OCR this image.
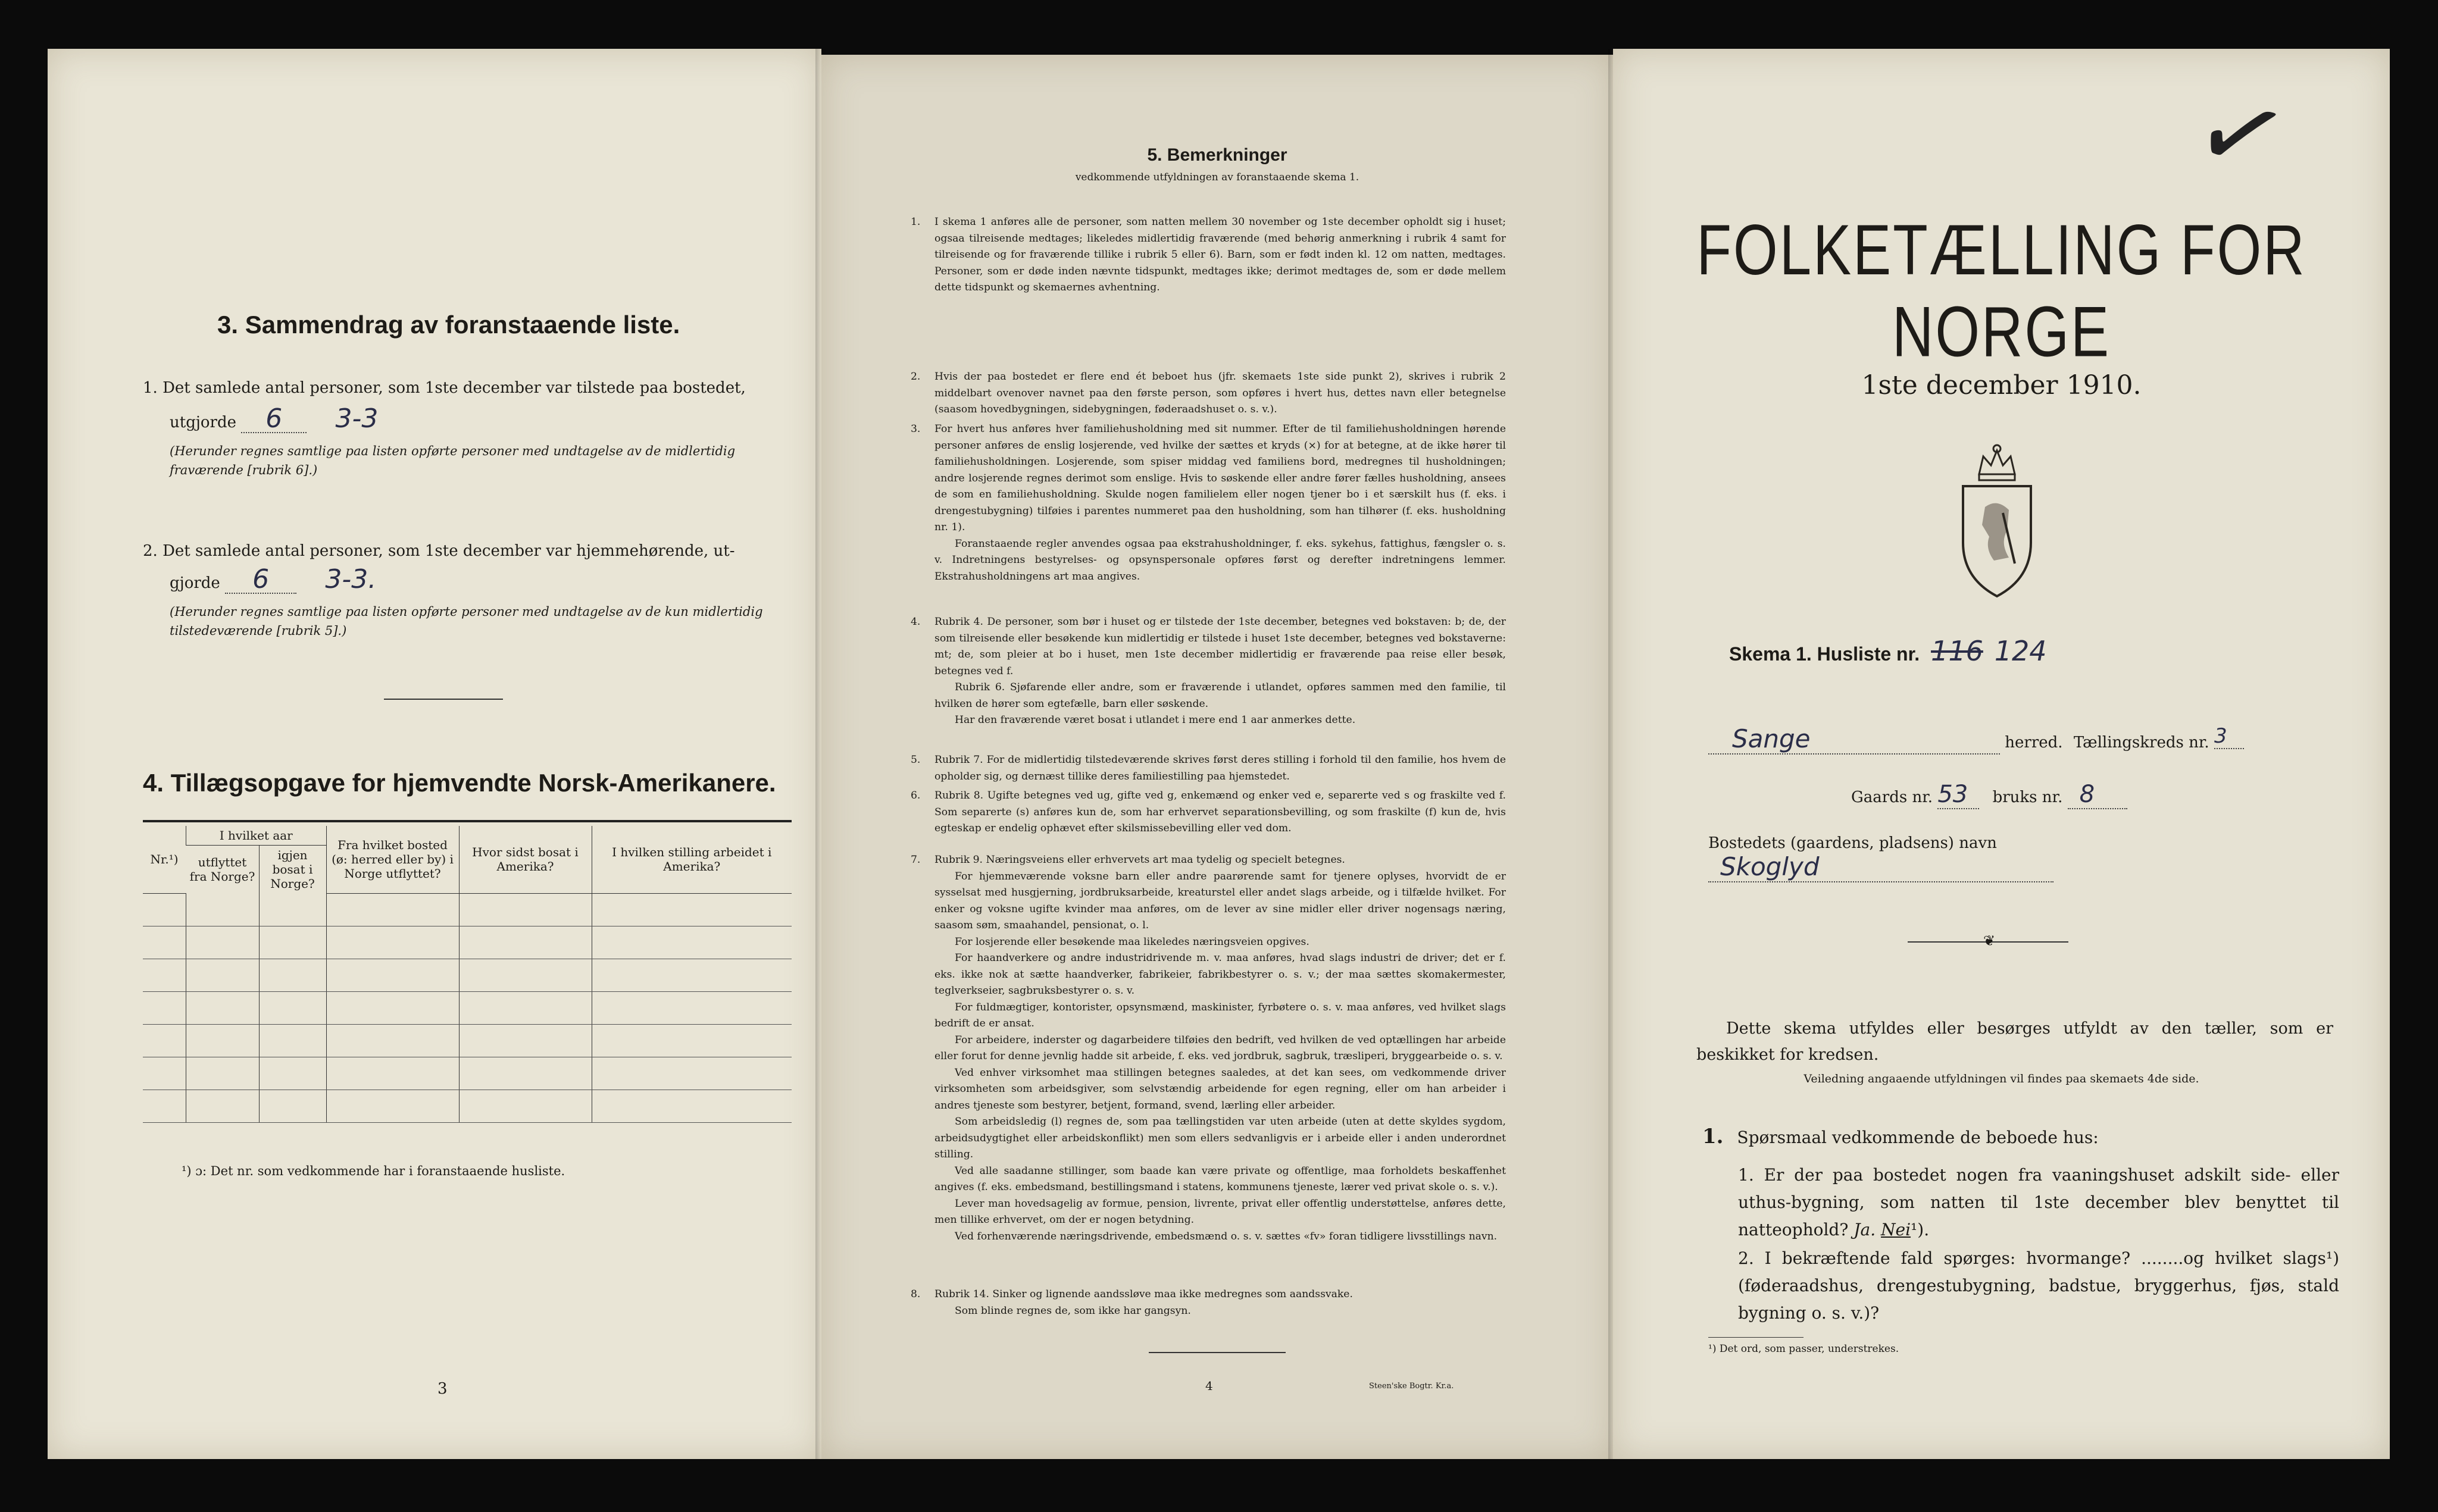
3. Sammendrag av foranstaaende liste.
1. Det samlede antal personer, som 1ste december var tilstede paa bostedet,
utgjorde 6 3-3
(Herunder regnes samtlige paa listen opførte personer med undtagelse av de midlertidig fraværende [rubrik 6].)
2. Det samlede antal personer, som 1ste december var hjemmehørende, ut-
gjorde 6 3-3.
(Herunder regnes samtlige paa listen opførte personer med undtagelse av de kun midlertidig tilstedeværende [rubrik 5].)
4. Tillægsopgave for hjemvendte Norsk-Amerikanere.
Nr.¹)	I hvilket aar		Fra hvilket bosted (ø: herred eller by) i Norge utflyttet?	Hvor sidst bosat i Amerika?	I hvilken stilling arbeidet i Amerika?
	utflyttet fra Norge?	igjen bosat i Norge?			

¹) ɔ: Det nr. som vedkommende har i foranstaaende husliste.
3
5. Bemerkninger
vedkommende utfyldningen av foranstaaende skema 1.
1. I skema 1 anføres alle de personer, som natten mellem 30 november og 1ste december opholdt sig i huset; ogsaa tilreisende medtages; likeledes midlertidig fraværende (med behørig anmerkning i rubrik 4 samt for tilreisende og for fraværende tillike i rubrik 5 eller 6). Barn, som er født inden kl. 12 om natten, medtages. Personer, som er døde inden nævnte tidspunkt, medtages ikke; derimot medtages de, som er døde mellem dette tidspunkt og skemaernes avhentning.

2. Hvis der paa bostedet er flere end ét beboet hus (jfr. skemaets 1ste side punkt 2), skrives i rubrik 2 middelbart ovenover navnet paa den første person, som opføres i hvert hus, dettes navn eller betegnelse (saasom hovedbygningen, sidebygningen, føderaadshuset o. s. v.).

3. For hvert hus anføres hver familiehusholdning med sit nummer. Efter de til familiehusholdningen hørende personer anføres de enslig losjerende, ved hvilke der sættes et kryds (×) for at betegne, at de ikke hører til familiehusholdningen. Losjerende, som spiser middag ved familiens bord, medregnes til husholdningen; andre losjerende regnes derimot som enslige. Hvis to søskende eller andre fører fælles husholdning, ansees de som en familiehusholdning. Skulde nogen familielem eller nogen tjener bo i et særskilt hus (f. eks. i drengestubygning) tilføies i parentes nummeret paa den husholdning, som han tilhører (f. eks. husholdning nr. 1).

Foranstaaende regler anvendes ogsaa paa ekstrahusholdninger, f. eks. sykehus, fattighus, fængsler o. s. v. Indretningens bestyrelses- og opsynspersonale opføres først og derefter indretningens lemmer. Ekstrahusholdningens art maa angives.

4. Rubrik 4. De personer, som bør i huset og er tilstede der 1ste december, betegnes ved bokstaven: b; de, der som tilreisende eller besøkende kun midlertidig er tilstede i huset 1ste december, betegnes ved bokstaverne: mt; de, som pleier at bo i huset, men 1ste december midlertidig er fraværende paa reise eller besøk, betegnes ved f.

Rubrik 6. Sjøfarende eller andre, som er fraværende i utlandet, opføres sammen med den familie, til hvilken de hører som egtefælle, barn eller søskende.

Har den fraværende været bosat i utlandet i mere end 1 aar anmerkes dette.

5. Rubrik 7. For de midlertidig tilstedeværende skrives først deres stilling i forhold til den familie, hos hvem de opholder sig, og dernæst tillike deres familiestilling paa hjemstedet.

6. Rubrik 8. Ugifte betegnes ved ug, gifte ved g, enkemænd og enker ved e, separerte ved s og fraskilte ved f. Som separerte (s) anføres kun de, som har erhvervet separationsbevilling, og som fraskilte (f) kun de, hvis egteskap er endelig ophævet efter skilsmissebevilling eller ved dom.

7. Rubrik 9. Næringsveiens eller erhvervets art maa tydelig og specielt betegnes.

For hjemmeværende voksne barn eller andre paarørende samt for tjenere oplyses, hvorvidt de er sysselsat med husgjerning, jordbruksarbeide, kreaturstel eller andet slags arbeide, og i tilfælde hvilket. For enker og voksne ugifte kvinder maa anføres, om de lever av sine midler eller driver nogensags næring, saasom søm, smaahandel, pensionat, o. l.

For losjerende eller besøkende maa likeledes næringsveien opgives.

For haandverkere og andre industridrivende m. v. maa anføres, hvad slags industri de driver; det er f. eks. ikke nok at sætte haandverker, fabrikeier, fabrikbestyrer o. s. v.; der maa sættes skomakermester, teglverkseier, sagbruksbestyrer o. s. v.

For fuldmægtiger, kontorister, opsynsmænd, maskinister, fyrbøtere o. s. v. maa anføres, ved hvilket slags bedrift de er ansat.

For arbeidere, inderster og dagarbeidere tilføies den bedrift, ved hvilken de ved optællingen har arbeide eller forut for denne jevnlig hadde sit arbeide, f. eks. ved jordbruk, sagbruk, træsliperi, bryggearbeide o. s. v.

Ved enhver virksomhet maa stillingen betegnes saaledes, at det kan sees, om vedkommende driver virksomheten som arbeidsgiver, som selvstændig arbeidende for egen regning, eller om han arbeider i andres tjeneste som bestyrer, betjent, formand, svend, lærling eller arbeider.

Som arbeidsledig (l) regnes de, som paa tællingstiden var uten arbeide (uten at dette skyldes sygdom, arbeidsudygtighet eller arbeidskonflikt) men som ellers sedvanligvis er i arbeide eller i anden underordnet stilling.

Ved alle saadanne stillinger, som baade kan være private og offentlige, maa forholdets beskaffenhet angives (f. eks. embedsmand, bestillingsmand i statens, kommunens tjeneste, lærer ved privat skole o. s. v.).

Lever man hovedsagelig av formue, pension, livrente, privat eller offentlig understøttelse, anføres dette, men tillike erhvervet, om der er nogen betydning.

Ved forhenværende næringsdrivende, embedsmænd o. s. v. sættes «fv» foran tidligere livsstillings navn.

8. Rubrik 14. Sinker og lignende aandssløve maa ikke medregnes som aandssvake.

Som blinde regnes de, som ikke har gangsyn.

4	Steen'ske Bogtr. Kr.a.
✓
FOLKETÆLLING FOR NORGE
1ste december 1910.
Skema 1. Husliste nr. 116 124
Sange	herred. Tællingskreds nr. 3
Gaards nr. 53 bruks nr. 8
Bostedets (gaardens, pladsens) navn Skoglyd
❦
Dette skema utfyldes eller besørges utfyldt av den tæller, som er beskikket for kredsen.
Veiledning angaaende utfyldningen vil findes paa skemaets 4de side.
1. Spørsmaal vedkommende de beboede hus:
1. Er der paa bostedet nogen fra vaaningshuset adskilt side- eller uthus-bygning, som natten til 1ste december blev benyttet til natteophold? Ja. Nei¹).
2. I bekræftende fald spørges: hvormange? ........og hvilket slags¹) (føderaadshus, drengestubygning, badstue, bryggerhus, fjøs, stald bygning o. s. v.)?
¹) Det ord, som passer, understrekes.
